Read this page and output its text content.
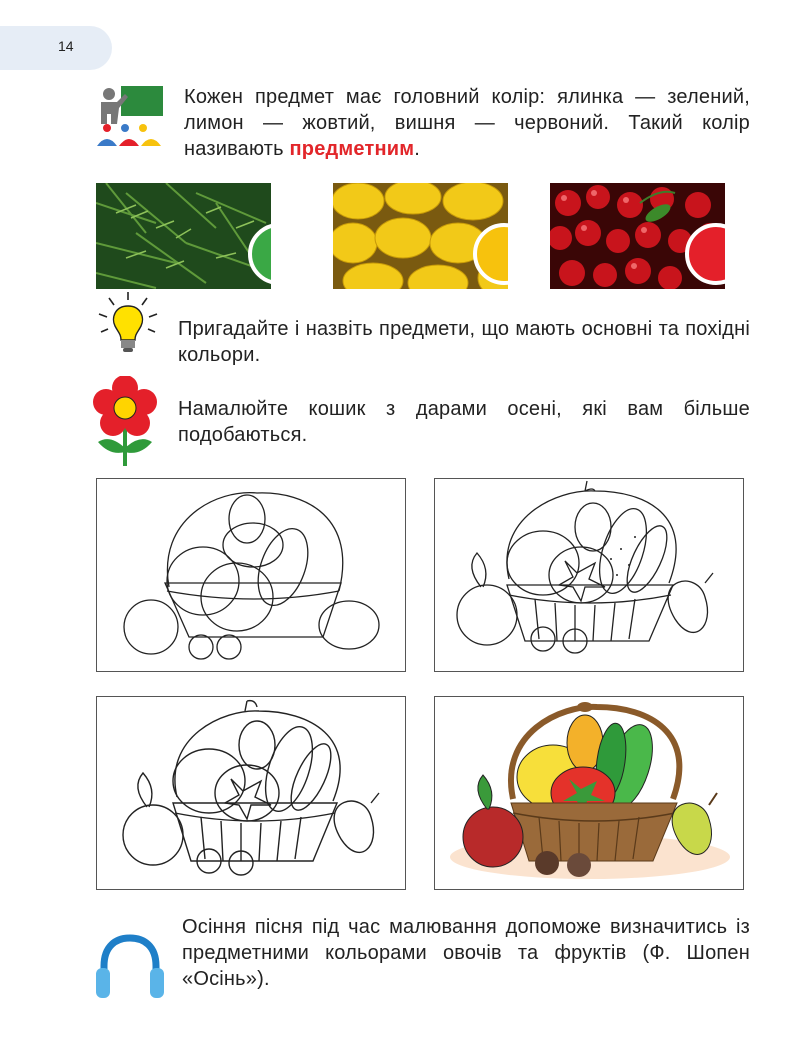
14

Кожен предмет має головний колір: ялинка — зелений, лимон — жовтий, вишня — червоний. Такий колір називають предметним.

Пригадайте і назвіть предмети, що мають основні та похідні кольори.

Намалюйте кошик з дарами осені, які вам більше подобаються.

Осіння пісня під час малювання допоможе визначитись із предметними кольорами овочів та фруктів (Ф. Шопен «Осінь»).
